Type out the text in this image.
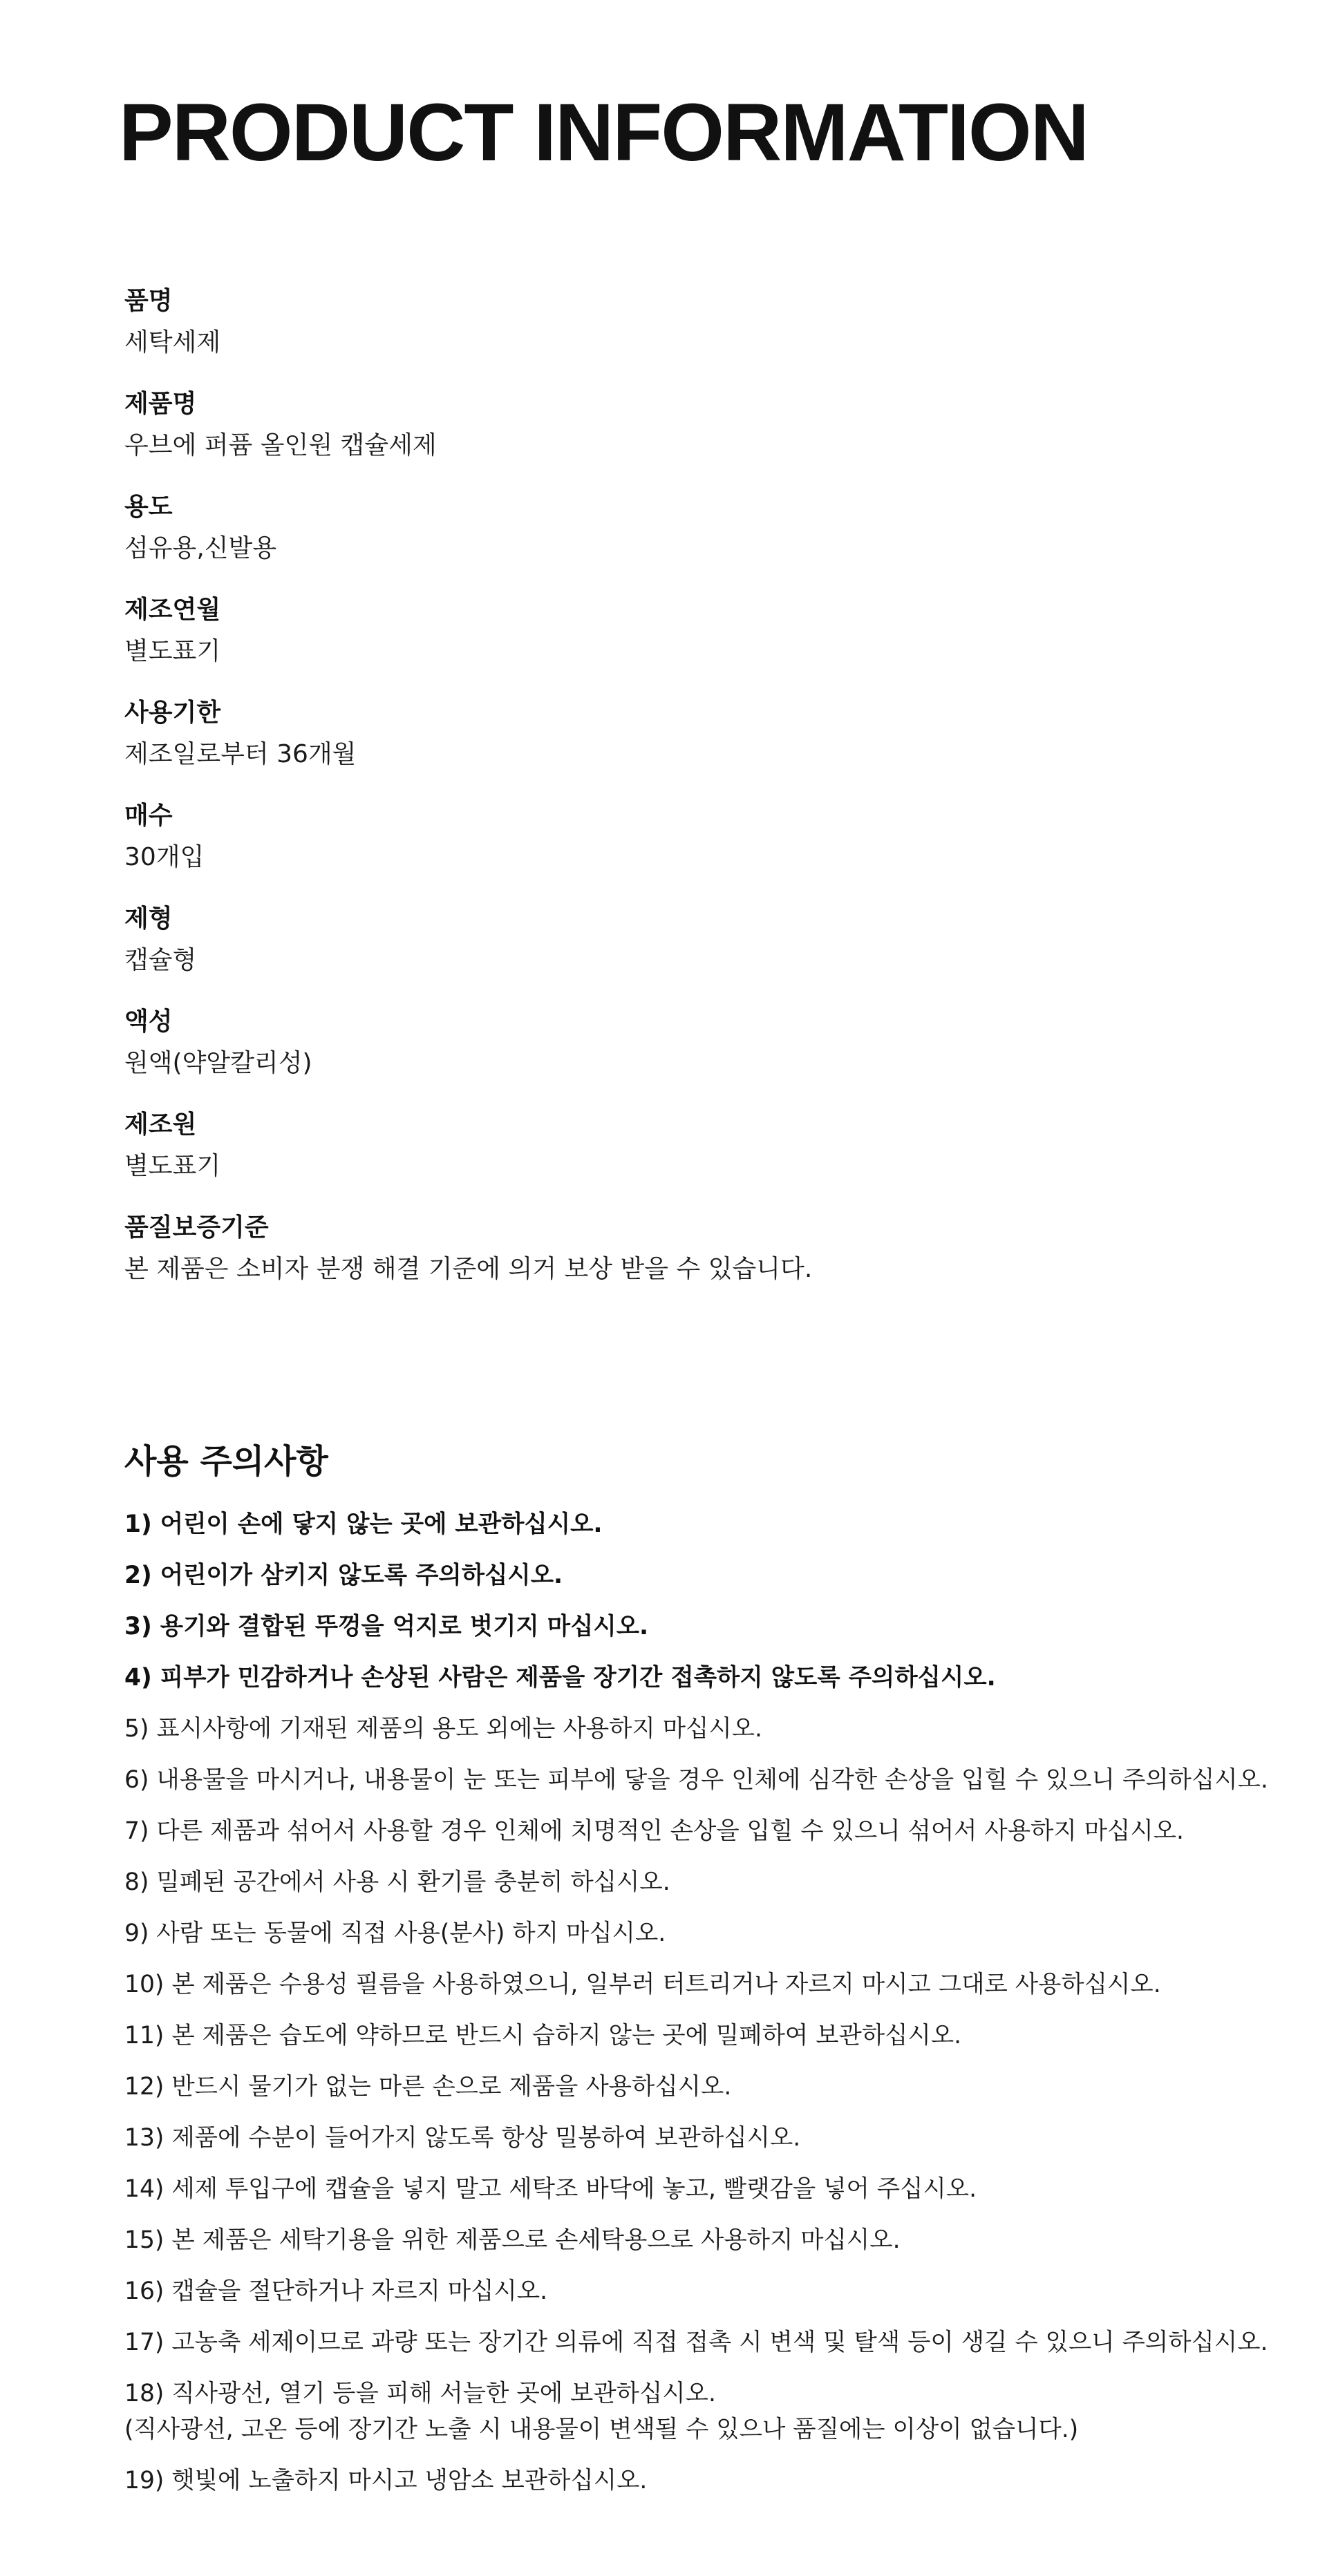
PRODUCT INFORMATION
품명
세탁세제
제품명
우브에 퍼퓸 올인원 캡슐세제
용도
섬유용,신발용
제조연월
별도표기
사용기한
제조일로부터 36개월
매수
30개입
제형
캡슐형
액성
원액(약알칼리성)
제조원
별도표기
품질보증기준
본 제품은 소비자 분쟁 해결 기준에 의거 보상 받을 수 있습니다.
사용 주의사항
1) 어린이 손에 닿지 않는 곳에 보관하십시오.
2) 어린이가 삼키지 않도록 주의하십시오.
3) 용기와 결합된 뚜껑을 억지로 벗기지 마십시오.
4) 피부가 민감하거나 손상된 사람은 제품을 장기간 접촉하지 않도록 주의하십시오.
5) 표시사항에 기재된 제품의 용도 외에는 사용하지 마십시오.
6) 내용물을 마시거나, 내용물이 눈 또는 피부에 닿을 경우 인체에 심각한 손상을 입힐 수 있으니 주의하십시오.
7) 다른 제품과 섞어서 사용할 경우 인체에 치명적인 손상을 입힐 수 있으니 섞어서 사용하지 마십시오.
8) 밀폐된 공간에서 사용 시 환기를 충분히 하십시오.
9) 사람 또는 동물에 직접 사용(분사) 하지 마십시오.
10) 본 제품은 수용성 필름을 사용하였으니, 일부러 터트리거나 자르지 마시고 그대로 사용하십시오.
11) 본 제품은 습도에 약하므로 반드시 습하지 않는 곳에 밀폐하여 보관하십시오.
12) 반드시 물기가 없는 마른 손으로 제품을 사용하십시오.
13) 제품에 수분이 들어가지 않도록 항상 밀봉하여 보관하십시오.
14) 세제 투입구에 캡슐을 넣지 말고 세탁조 바닥에 놓고, 빨랫감을 넣어 주십시오.
15) 본 제품은 세탁기용을 위한 제품으로 손세탁용으로 사용하지 마십시오.
16) 캡슐을 절단하거나 자르지 마십시오.
17) 고농축 세제이므로 과량 또는 장기간 의류에 직접 접촉 시 변색 및 탈색 등이 생길 수 있으니 주의하십시오.
18) 직사광선, 열기 등을 피해 서늘한 곳에 보관하십시오.
(직사광선, 고온 등에 장기간 노출 시 내용물이 변색될 수 있으나 품질에는 이상이 없습니다.)
19) 햇빛에 노출하지 마시고 냉암소 보관하십시오.
